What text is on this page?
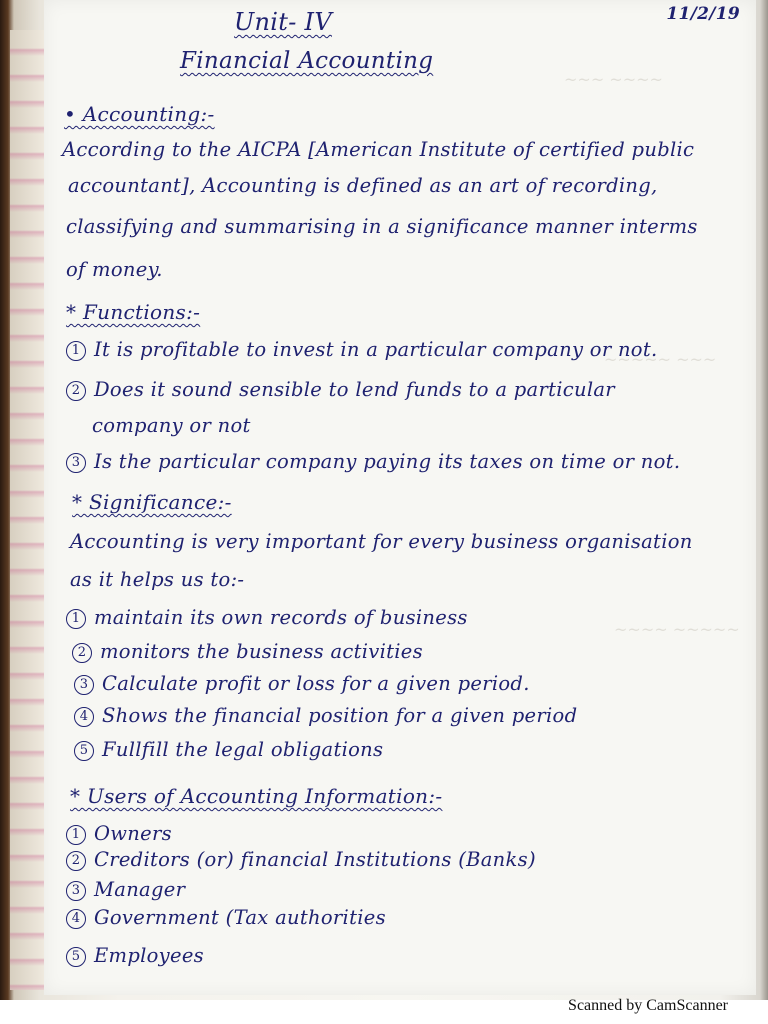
~~~ ~~~~
~~~~~ ~~~
~~~~ ~~~~~
11/2/19
Unit- IV
Financial Accounting
• Accounting:-
According to the AICPA [American Institute of certified public
accountant], Accounting is defined as an art of recording,
classifying and summarising in a significance manner interms
of money.
* Functions:-
1 It is profitable to invest in a particular company or not.
2 Does it sound sensible to lend funds to a particular
company or not
3 Is the particular company paying its taxes on time or not.
* Significance:-
Accounting is very important for every business organisation
as it helps us to:-
1 maintain its own records of business
2 monitors the business activities
3 Calculate profit or loss for a given period.
4 Shows the financial position for a given period
5 Fullfill the legal obligations
* Users of Accounting Information:-
1 Owners
2 Creditors (or) financial Institutions (Banks)
3 Manager
4 Government (Tax authorities
5 Employees
Scanned by CamScanner
